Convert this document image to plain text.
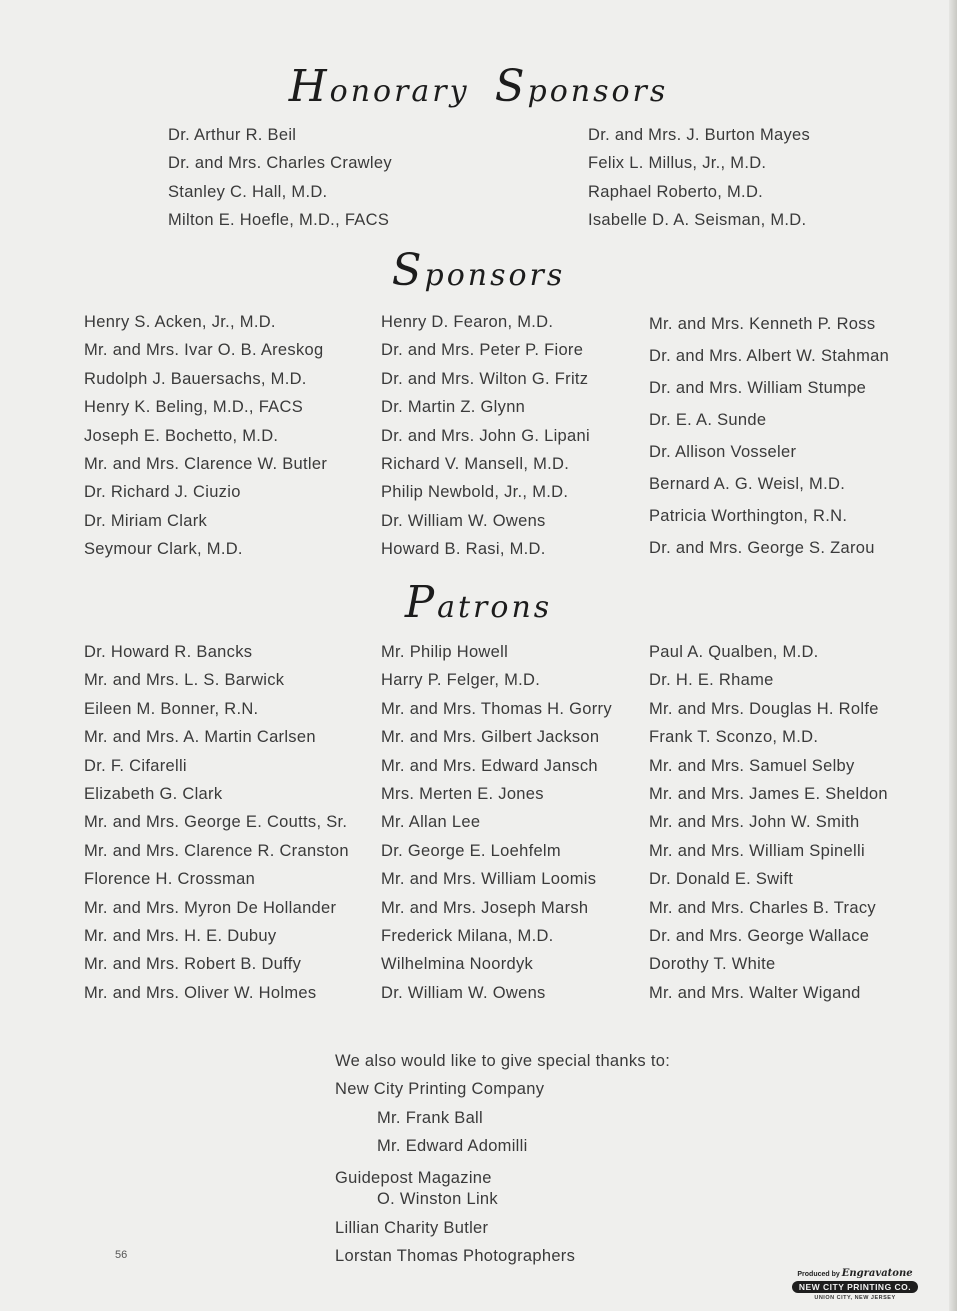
Honorary Sponsors
Dr. Arthur R. Beil
Dr. and Mrs. Charles Crawley
Stanley C. Hall, M.D.
Milton E. Hoefle, M.D., FACS
Dr. and Mrs. J. Burton Mayes
Felix L. Millus, Jr., M.D.
Raphael Roberto, M.D.
Isabelle D. A. Seisman, M.D.
Sponsors
Henry S. Acken, Jr., M.D.
Mr. and Mrs. Ivar O. B. Areskog
Rudolph J. Bauersachs, M.D.
Henry K. Beling, M.D., FACS
Joseph E. Bochetto, M.D.
Mr. and Mrs. Clarence W. Butler
Dr. Richard J. Ciuzio
Dr. Miriam Clark
Seymour Clark, M.D.
Henry D. Fearon, M.D.
Dr. and Mrs. Peter P. Fiore
Dr. and Mrs. Wilton G. Fritz
Dr. Martin Z. Glynn
Dr. and Mrs. John G. Lipani
Richard V. Mansell, M.D.
Philip Newbold, Jr., M.D.
Dr. William W. Owens
Howard B. Rasi, M.D.
Mr. and Mrs. Kenneth P. Ross
Dr. and Mrs. Albert W. Stahman
Dr. and Mrs. William Stumpe
Dr. E. A. Sunde
Dr. Allison Vosseler
Bernard A. G. Weisl, M.D.
Patricia Worthington, R.N.
Dr. and Mrs. George S. Zarou
Patrons
Dr. Howard R. Bancks
Mr. and Mrs. L. S. Barwick
Eileen M. Bonner, R.N.
Mr. and Mrs. A. Martin Carlsen
Dr. F. Cifarelli
Elizabeth G. Clark
Mr. and Mrs. George E. Coutts, Sr.
Mr. and Mrs. Clarence R. Cranston
Florence H. Crossman
Mr. and Mrs. Myron De Hollander
Mr. and Mrs. H. E. Dubuy
Mr. and Mrs. Robert B. Duffy
Mr. and Mrs. Oliver W. Holmes
Mr. Philip Howell
Harry P. Felger, M.D.
Mr. and Mrs. Thomas H. Gorry
Mr. and Mrs. Gilbert Jackson
Mr. and Mrs. Edward Jansch
Mrs. Merten E. Jones
Mr. Allan Lee
Dr. George E. Loehfelm
Mr. and Mrs. William Loomis
Mr. and Mrs. Joseph Marsh
Frederick Milana, M.D.
Wilhelmina Noordyk
Dr. William W. Owens
Paul A. Qualben, M.D.
Dr. H. E. Rhame
Mr. and Mrs. Douglas H. Rolfe
Frank T. Sconzo, M.D.
Mr. and Mrs. Samuel Selby
Mr. and Mrs. James E. Sheldon
Mr. and Mrs. John W. Smith
Mr. and Mrs. William Spinelli
Dr. Donald E. Swift
Mr. and Mrs. Charles B. Tracy
Dr. and Mrs. George Wallace
Dorothy T. White
Mr. and Mrs. Walter Wigand
We also would like to give special thanks to:
New City Printing Company
Mr. Frank Ball
Mr. Edward Adomilli
Guidepost Magazine
O. Winston Link
Lillian Charity Butler
Lorstan Thomas Photographers
56
Produced by Engravatone
NEW CITY PRINTING CO.
UNION CITY, NEW JERSEY
